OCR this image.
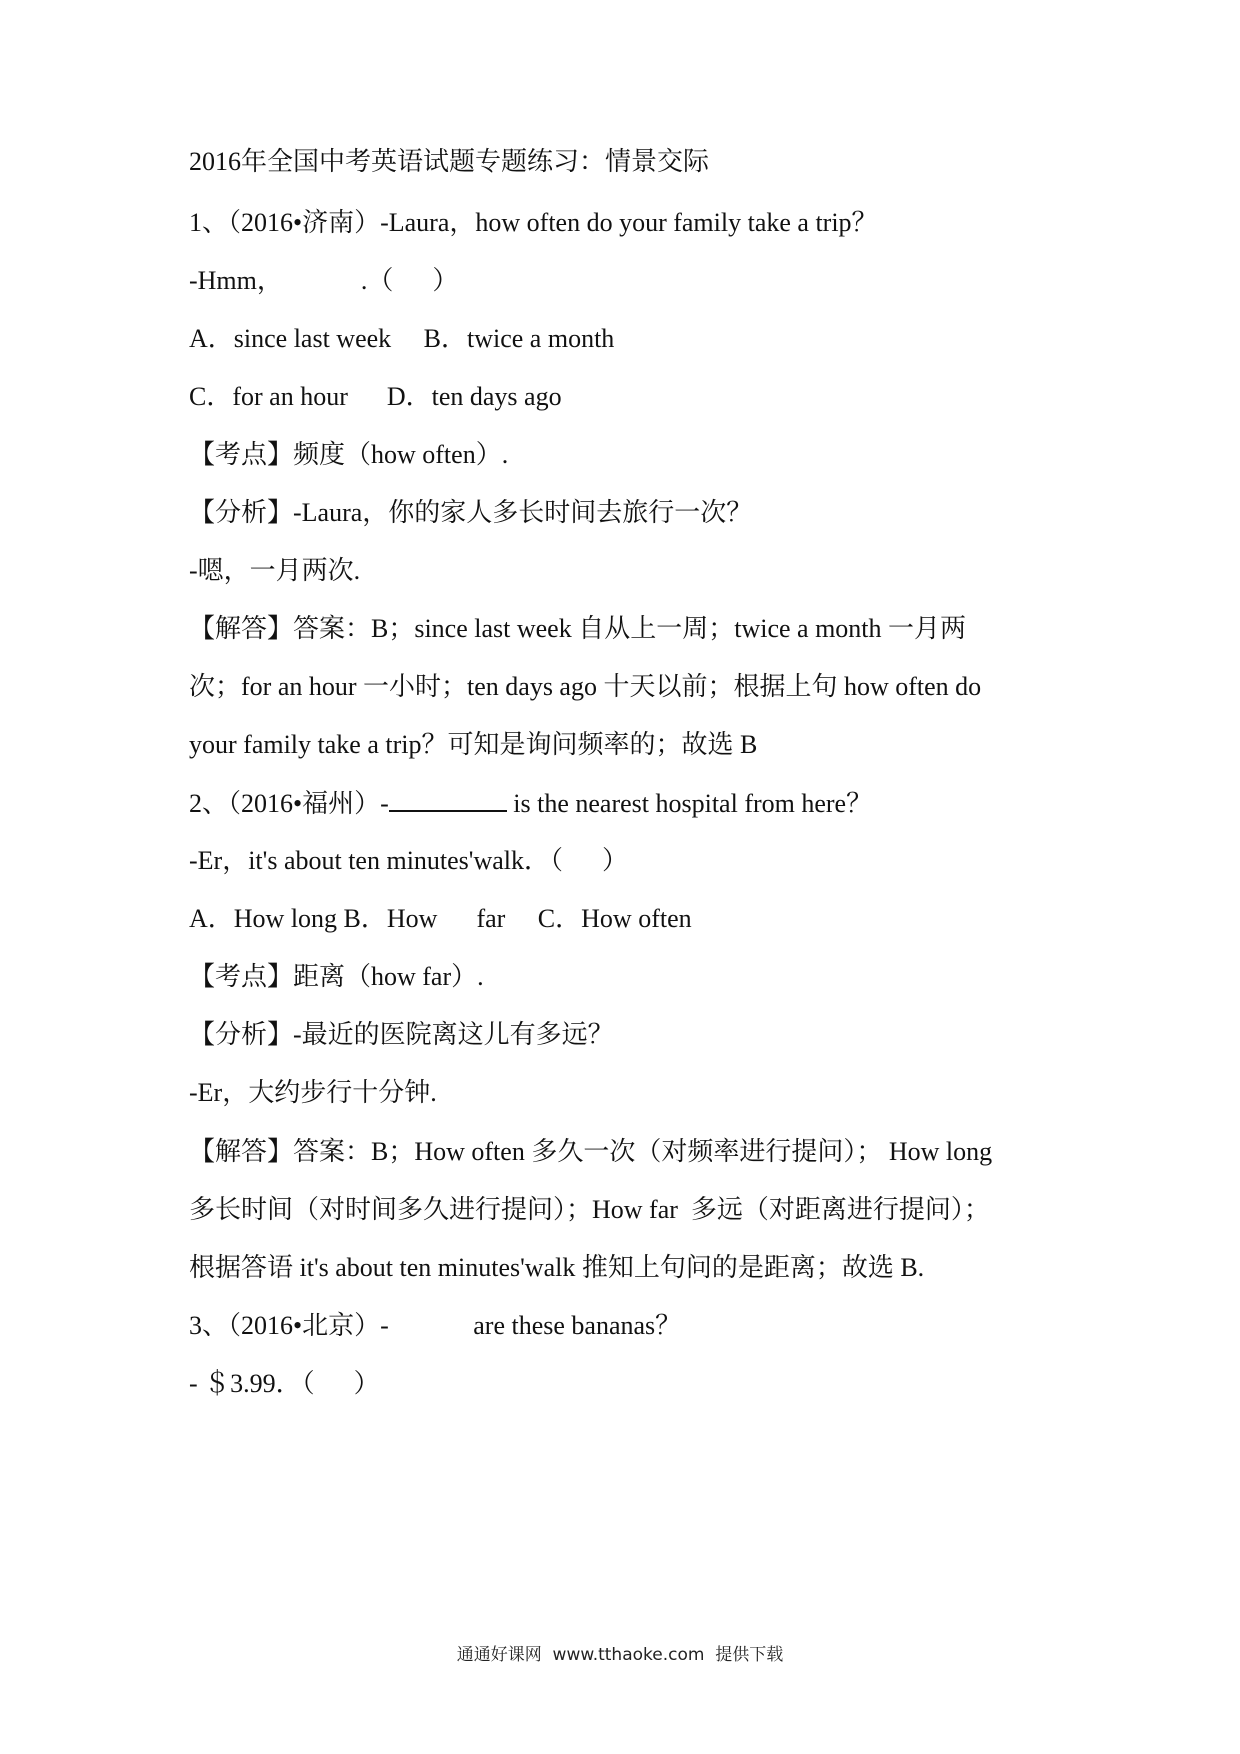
2016年全国中考英语试题专题练习：情景交际
1、（2016•济南）-Laura，how often do your family take a trip？
-Hmm，            .（      ）
A．since last week     B．twice a month
C．for an hour      D．ten days ago
【考点】频度（how often）.
【分析】-Laura，你的家人多长时间去旅行一次？
-嗯，一月两次.
【解答】答案：B；since last week 自从上一周；twice a month 一月两
次；for an hour 一小时；ten days ago 十天以前；根据上句 how often do
your family take a trip？可知是询问频率的；故选 B
2、（2016•福州）-	is the nearest hospital from here？
-Er，it's about ten minutes'walk．（      ）
A．How long B．How      far     C．How often
【考点】距离（how far）.
【分析】-最近的医院离这儿有多远？
-Er，大约步行十分钟.
【解答】答案：B；How often 多久一次（对频率进行提问）； How long
多长时间（对时间多久进行提问）；How far  多远（对距离进行提问）；
根据答语 it's about ten minutes'walk 推知上句问的是距离；故选 B.
3、（2016•北京）-             are these bananas？
- ＄3.99．（      ）
通通好课网  www.tthaoke.com  提供下载
